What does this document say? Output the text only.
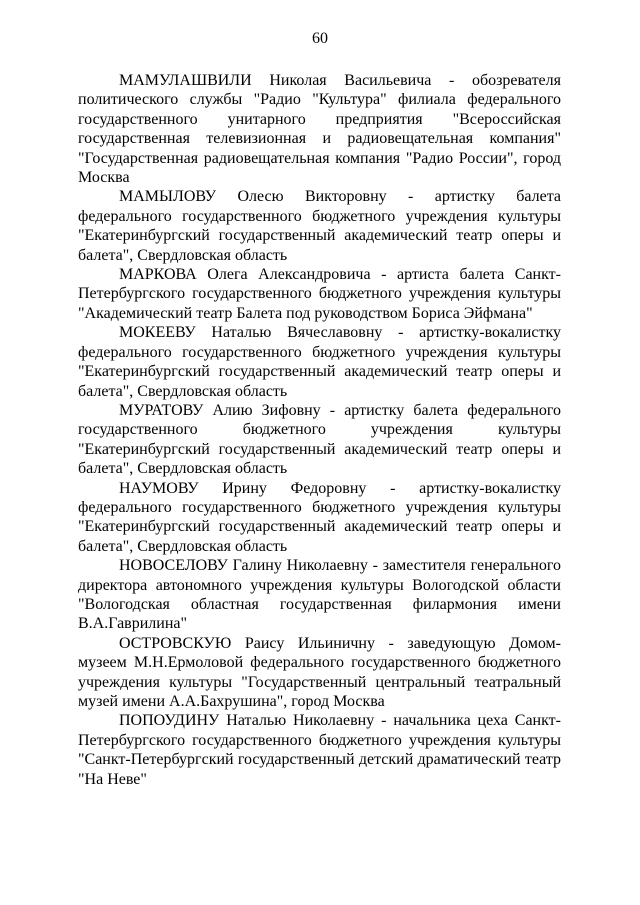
60

МАМУЛАШВИЛИ Николая Васильевича - обозревателя политического службы "Радио "Культура" филиала федерального государственного унитарного предприятия "Всероссийская государственная телевизионная и радиовещательная компания" "Государственная радиовещательная компания "Радио России", город Москва

МАМЫЛОВУ Олесю Викторовну - артистку балета федерального государственного бюджетного учреждения культуры "Екатеринбургский государственный академический театр оперы и балета", Свердловская область

МАРКОВА Олега Александровича - артиста балета Санкт-Петербургского государственного бюджетного учреждения культуры "Академический театр Балета под руководством Бориса Эйфмана"

МОКЕЕВУ Наталью Вячеславовну - артистку-вокалистку федерального государственного бюджетного учреждения культуры "Екатеринбургский государственный академический театр оперы и балета", Свердловская область

МУРАТОВУ Алию Зифовну - артистку балета федерального государственного бюджетного учреждения культуры "Екатеринбургский государственный академический театр оперы и балета", Свердловская область

НАУМОВУ Ирину Федоровну - артистку-вокалистку федерального государственного бюджетного учреждения культуры "Екатеринбургский государственный академический театр оперы и балета", Свердловская область

НОВОСЕЛОВУ Галину Николаевну - заместителя генерального директора автономного учреждения культуры Вологодской области "Вологодская областная государственная филармония имени В.А.Гаврилина"

ОСТРОВСКУЮ Раису Ильиничну - заведующую Домом-музеем М.Н.Ермоловой федерального государственного бюджетного учреждения культуры "Государственный центральный театральный музей имени А.А.Бахрушина", город Москва

ПОПОУДИНУ Наталью Николаевну - начальника цеха Санкт-Петербургского государственного бюджетного учреждения культуры "Санкт-Петербургский государственный детский драматический театр "На Неве"
